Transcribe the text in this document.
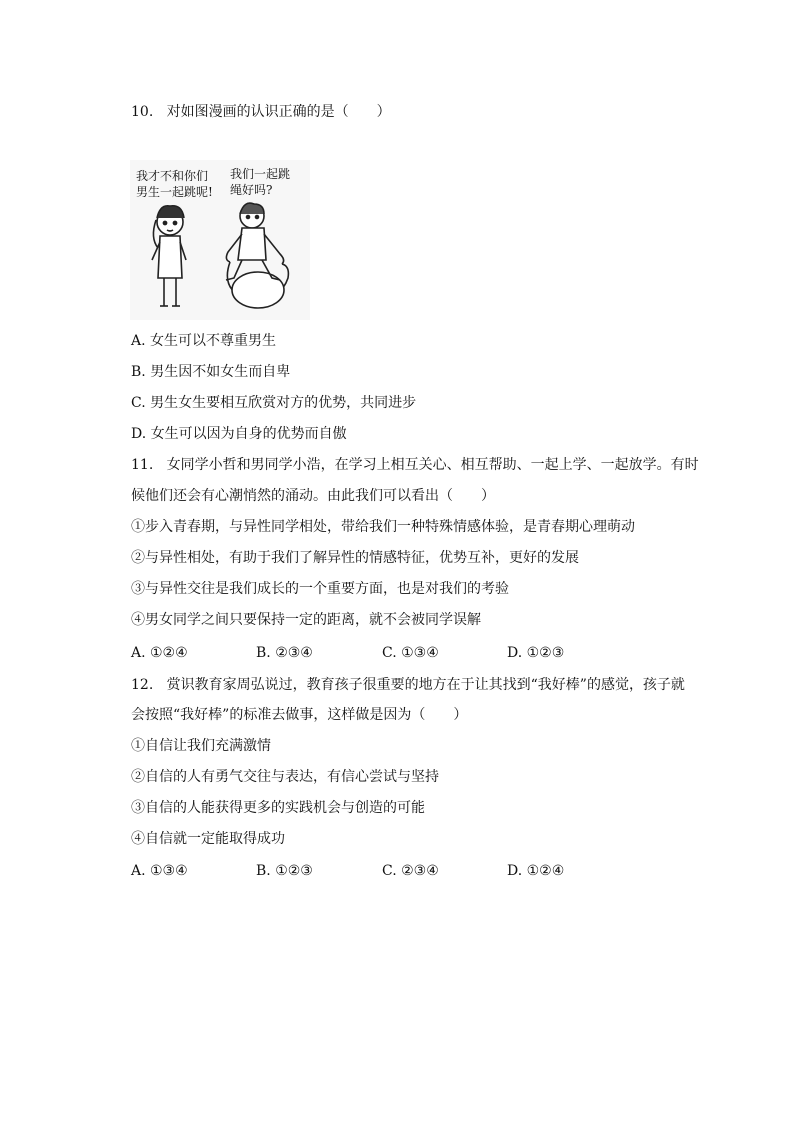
10. 对如图漫画的认识正确的是（　　）
我才不和你们
男生一起跳呢!
我们一起跳
绳好吗?
A. 女生可以不尊重男生
B. 男生因不如女生而自卑
C. 男生女生要相互欣赏对方的优势，共同进步
D. 女生可以因为自身的优势而自傲
11. 女同学小哲和男同学小浩，在学习上相互关心、相互帮助、一起上学、一起放学。有时
候他们还会有心潮悄然的涌动。由此我们可以看出（　　）
①步入青春期，与异性同学相处，带给我们一种特殊情感体验，是青春期心理萌动
②与异性相处，有助于我们了解异性的情感特征，优势互补，更好的发展
③与异性交往是我们成长的一个重要方面，也是对我们的考验
④男女同学之间只要保持一定的距离，就不会被同学误解
A. ①②④	B. ②③④	C. ①③④	D. ①②③
12. 赏识教育家周弘说过，教育孩子很重要的地方在于让其找到“我好棒”的感觉，孩子就
会按照“我好棒”的标准去做事，这样做是因为（　　）
①自信让我们充满激情
②自信的人有勇气交往与表达，有信心尝试与坚持
③自信的人能获得更多的实践机会与创造的可能
④自信就一定能取得成功
A. ①③④	B. ①②③	C. ②③④	D. ①②④
